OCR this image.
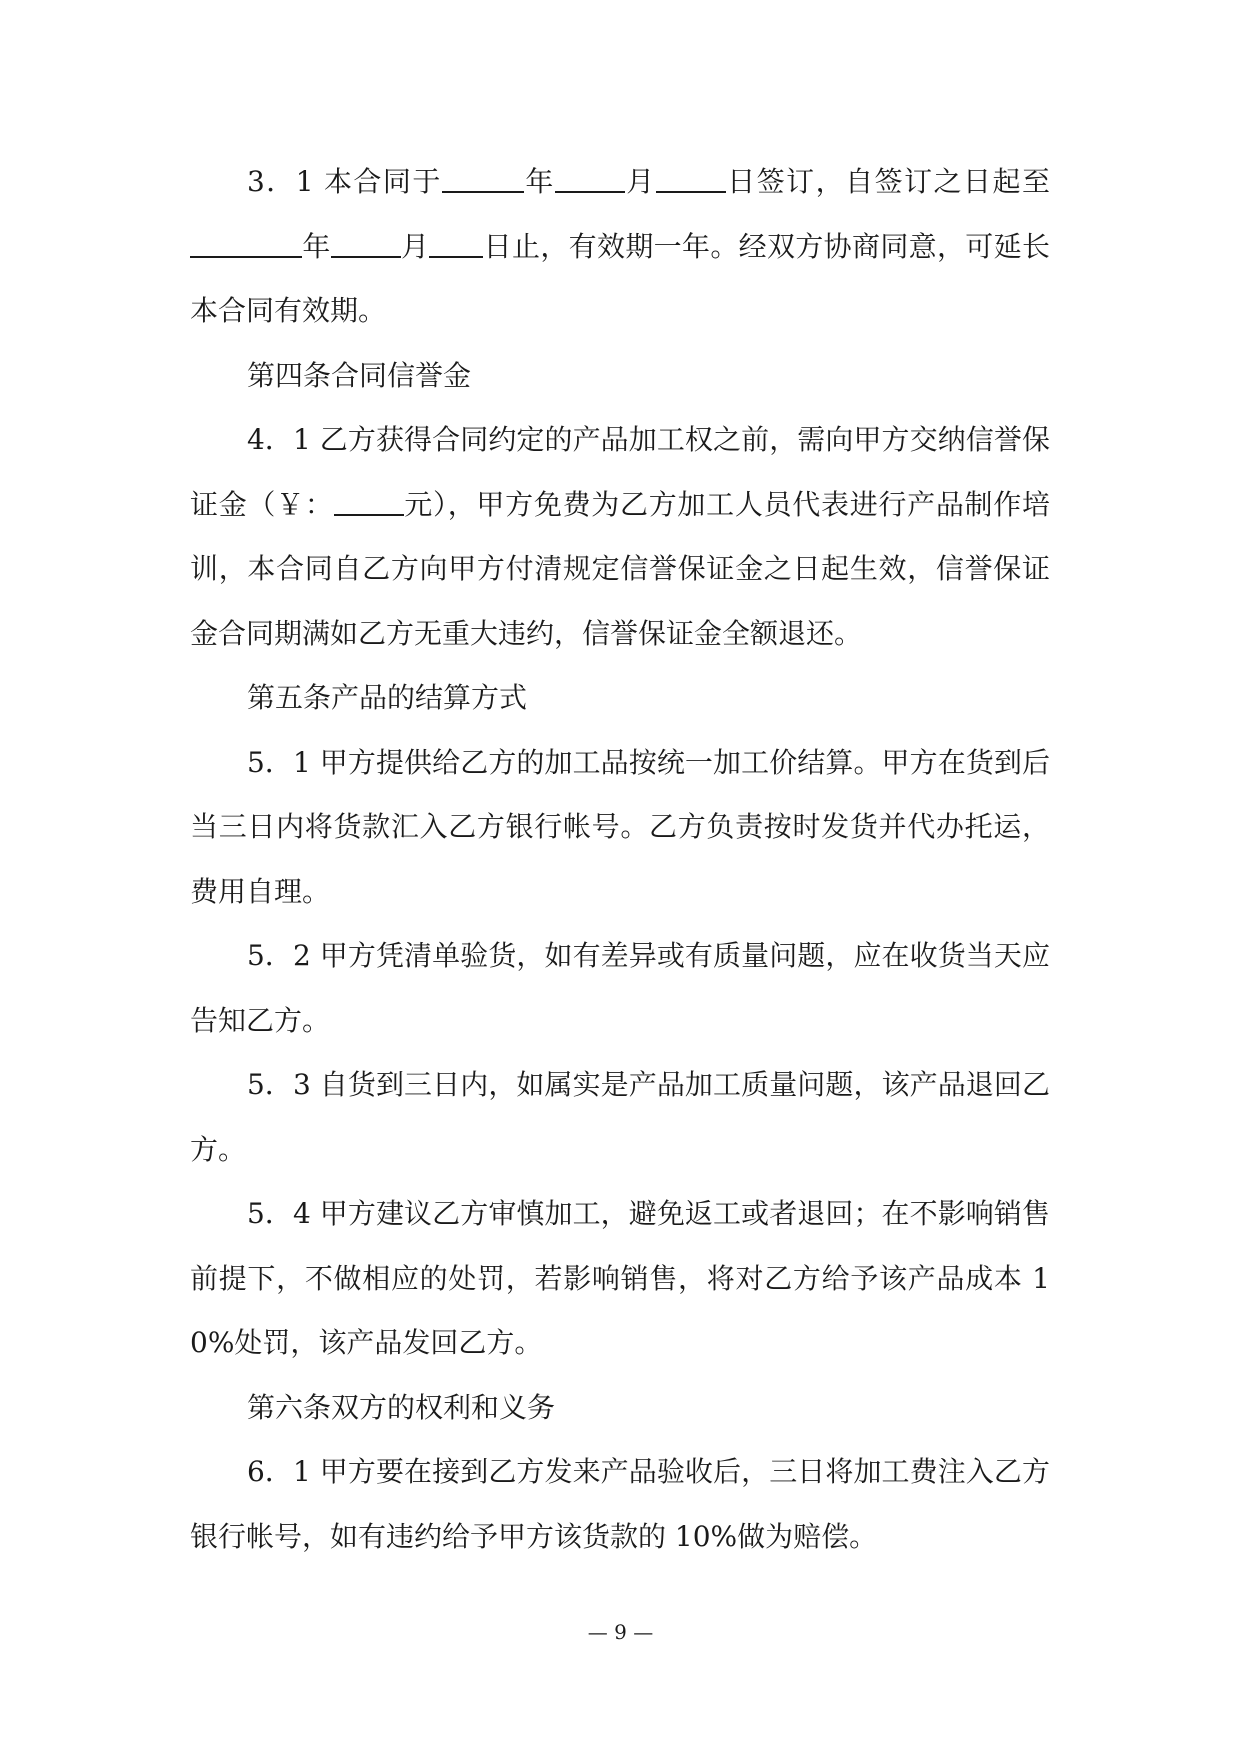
3．1 本合同于	年	月	日签订，自签订之日起至年	月 日止，有效期一年。经双方协商同意，可延长本合同有效期。

第四条合同信誉金

4．1 乙方获得合同约定的产品加工权之前，需向甲方交纳信誉保证金（￥：	元），甲方免费为乙方加工人员代表进行产品制作培训，本合同自乙方向甲方付清规定信誉保证金之日起生效，信誉保证金合同期满如乙方无重大违约，信誉保证金全额退还。

第五条产品的结算方式

5．1 甲方提供给乙方的加工品按统一加工价结算。甲方在货到后当三日内将货款汇入乙方银行帐号。乙方负责按时发货并代办托运，费用自理。

5．2 甲方凭清单验货，如有差异或有质量问题，应在收货当天应告知乙方。

5．3 自货到三日内，如属实是产品加工质量问题，该产品退回乙方。

5．4 甲方建议乙方审慎加工，避免返工或者退回；在不影响销售前提下，不做相应的处罚，若影响销售，将对乙方给予该产品成本 10%处罚，该产品发回乙方。

第六条双方的权利和义务

6．1 甲方要在接到乙方发来产品验收后，三日将加工费注入乙方银行帐号，如有违约给予甲方该货款的 10%做为赔偿。

— 9 —
